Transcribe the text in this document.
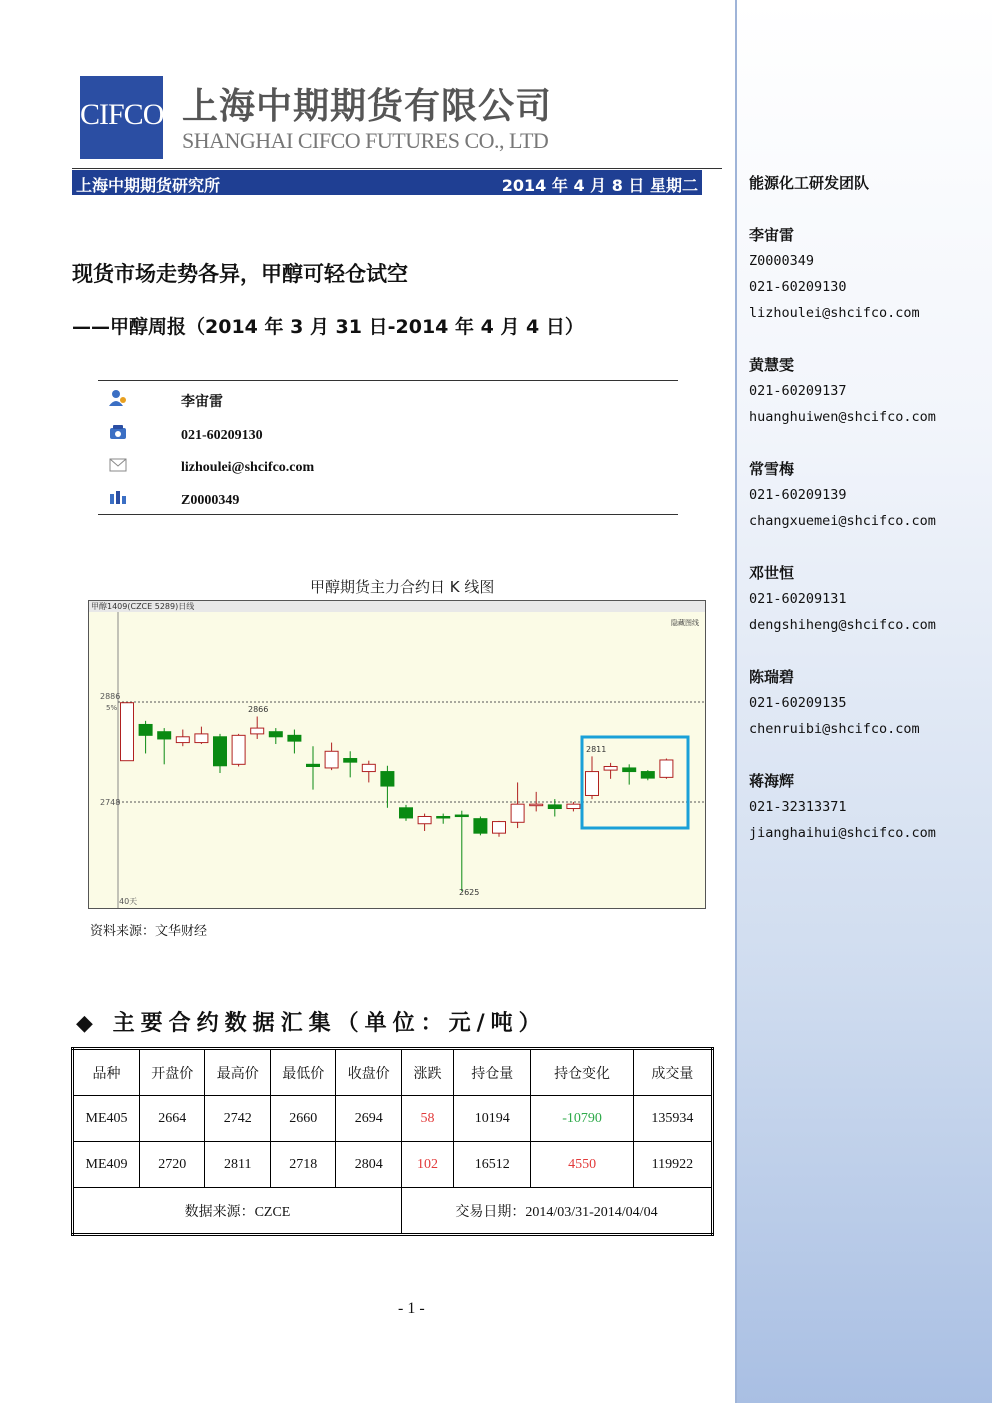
能源化工研发团队
李宙雷
Z0000349
021-60209130
lizhoulei@shcifco.com
黄慧雯
021-60209137
huanghuiwen@shcifco.com
常雪梅
021-60209139
changxuemei@shcifco.com
邓世恒
021-60209131
dengshiheng@shcifco.com
陈瑞碧
021-60209135
chenruibi@shcifco.com
蒋海辉
021-32313371
jianghaihui@shcifco.com
CIFCO 上海中期期货有限公司
SHANGHAI CIFCO FUTURES CO., LTD
上海中期期货研究所	2014 年 4 月 8 日 星期二
现货市场走势各异，甲醇可轻仓试空
——甲醇周报（2014 年 3 月 31 日-2014 年 4 月 4 日）
李宙雷
021-60209130
lizhoulei@shcifco.com
Z0000349
甲醇期货主力合约日 K 线图
甲醇1409(CZCE 5289)日线
隐藏图线
2886
5%
2748
40天
2866
2811
2625
资料来源：文华财经
◆ 主要合约数据汇集（单位：元/吨）
品种	开盘价	最高价	最低价	收盘价	涨跌	持仓量	持仓变化	成交量
ME405	2664	2742	2660	2694	58	10194	-10790	135934
ME409	2720	2811	2718	2804	102	16512	4550	119922
数据来源：CZCE					交易日期：2014/03/31-2014/04/04			
- 1 -
